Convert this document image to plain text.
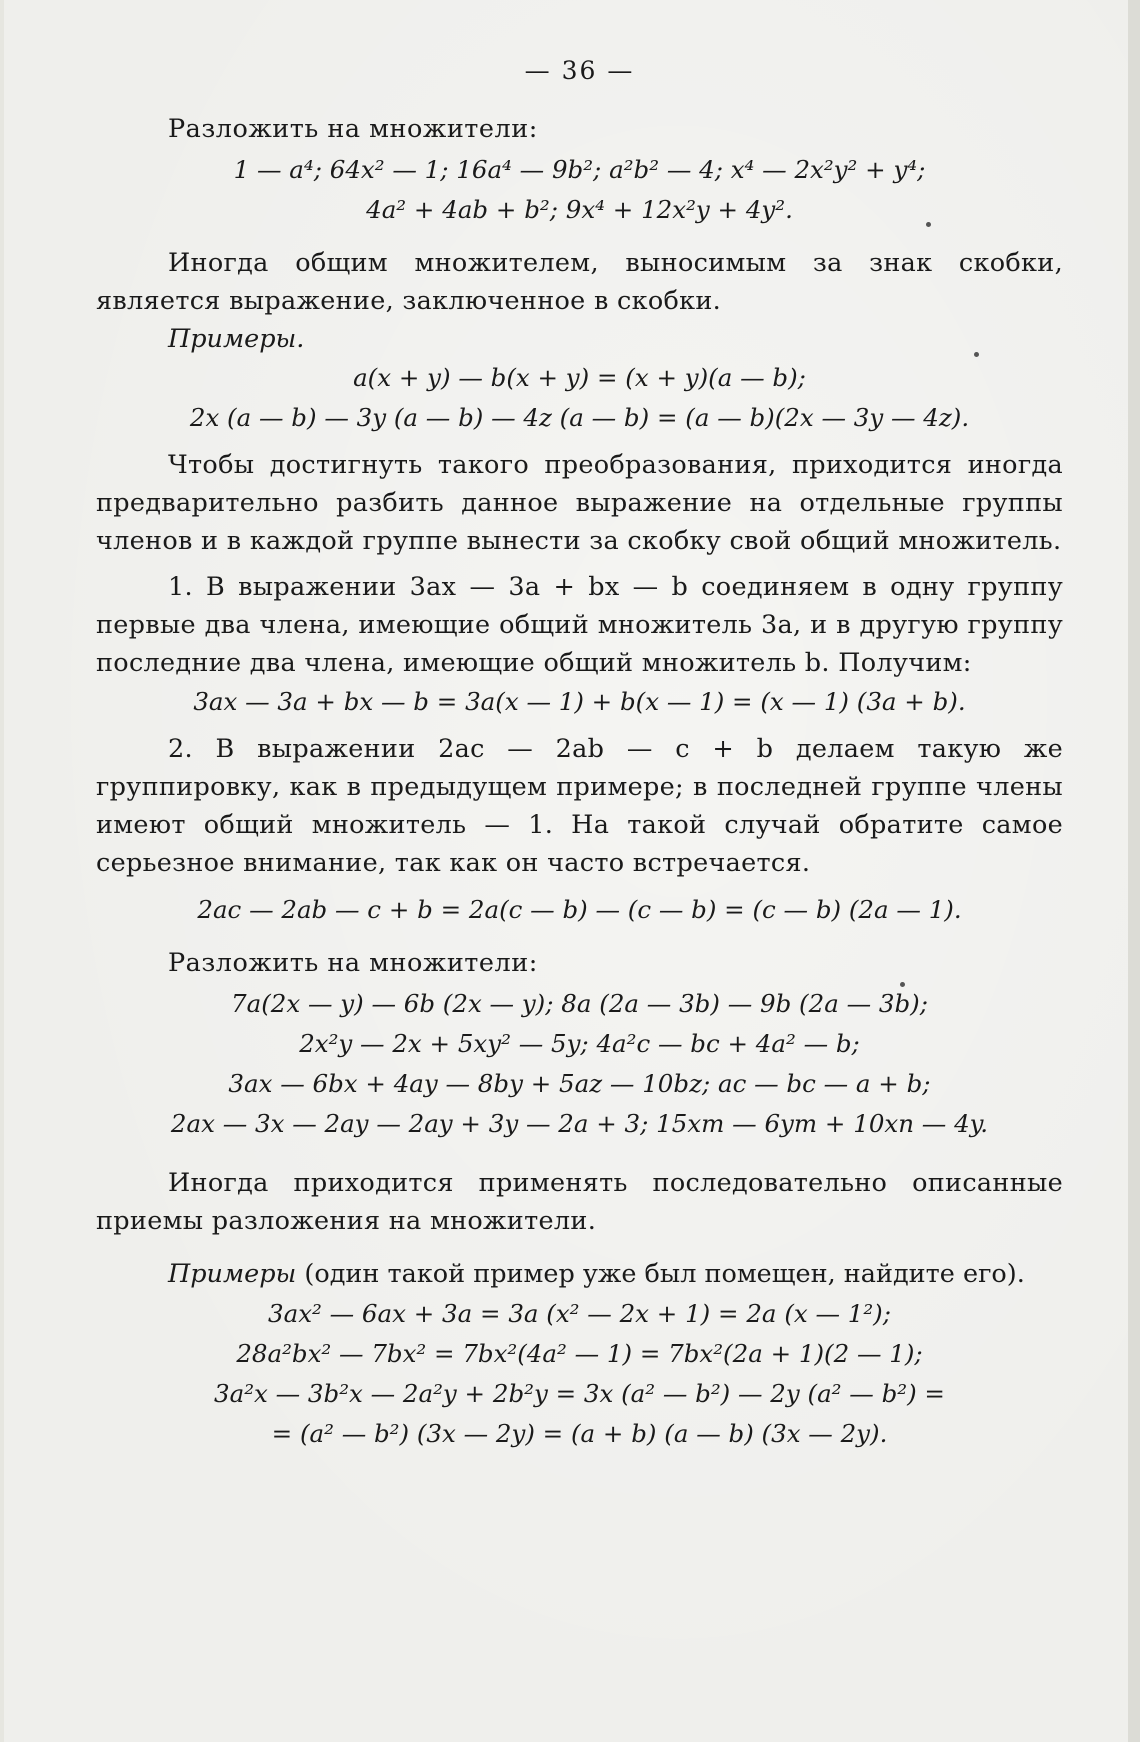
— 36 —

Разложить на множители:

1 — a⁴; 64x² — 1; 16a⁴ — 9b²; a²b² — 4; x⁴ — 2x²y² + y⁴;

4a² + 4ab + b²; 9x⁴ + 12x²y + 4y².

Иногда общим множителем, выносимым за знак скобки, является выражение, заключенное в скобки.

Примеры.

a(x + y) — b(x + y) = (x + y)(a — b);

2x (a — b) — 3y (a — b) — 4z (a — b) = (a — b)(2x — 3y — 4z).

Чтобы достигнуть такого преобразования, приходится иногда предварительно разбить данное выражение на отдельные группы членов и в каждой группе вынести за скобку свой общий множитель.

1. В выражении 3ax — 3a + bx — b соединяем в одну группу первые два члена, имеющие общий множитель 3a, и в другую группу последние два члена, имеющие общий множитель b. Получим:

3ax — 3a + bx — b = 3a(x — 1) + b(x — 1) = (x — 1) (3a + b).

2. В выражении 2ac — 2ab — c + b делаем такую же группировку, как в предыдущем примере; в последней группе члены имеют общий множитель — 1. На такой случай обратите самое серьезное внимание, так как он часто встречается.

2ac — 2ab — c + b = 2a(c — b) — (c — b) = (c — b) (2a — 1).

Разложить на множители:

7a(2x — y) — 6b (2x — y); 8a (2a — 3b) — 9b (2a — 3b);

2x²y — 2x + 5xy² — 5y; 4a²c — bc + 4a² — b;

3ax — 6bx + 4ay — 8by + 5az — 10bz; ac — bc — a + b;

2ax — 3x — 2ay — 2ay + 3y — 2a + 3; 15xm — 6ym + 10xn — 4y.

Иногда приходится применять последовательно описанные приемы разложения на множители.

Примеры (один такой пример уже был помещен, найдите его).

3ax² — 6ax + 3a = 3a (x² — 2x + 1) = 2a (x — 1²);

28a²bx² — 7bx² = 7bx²(4a² — 1) = 7bx²(2a + 1)(2 — 1);

3a²x — 3b²x — 2a²y + 2b²y = 3x (a² — b²) — 2y (a² — b²) =

= (a² — b²) (3x — 2y) = (a + b) (a — b) (3x — 2y).
